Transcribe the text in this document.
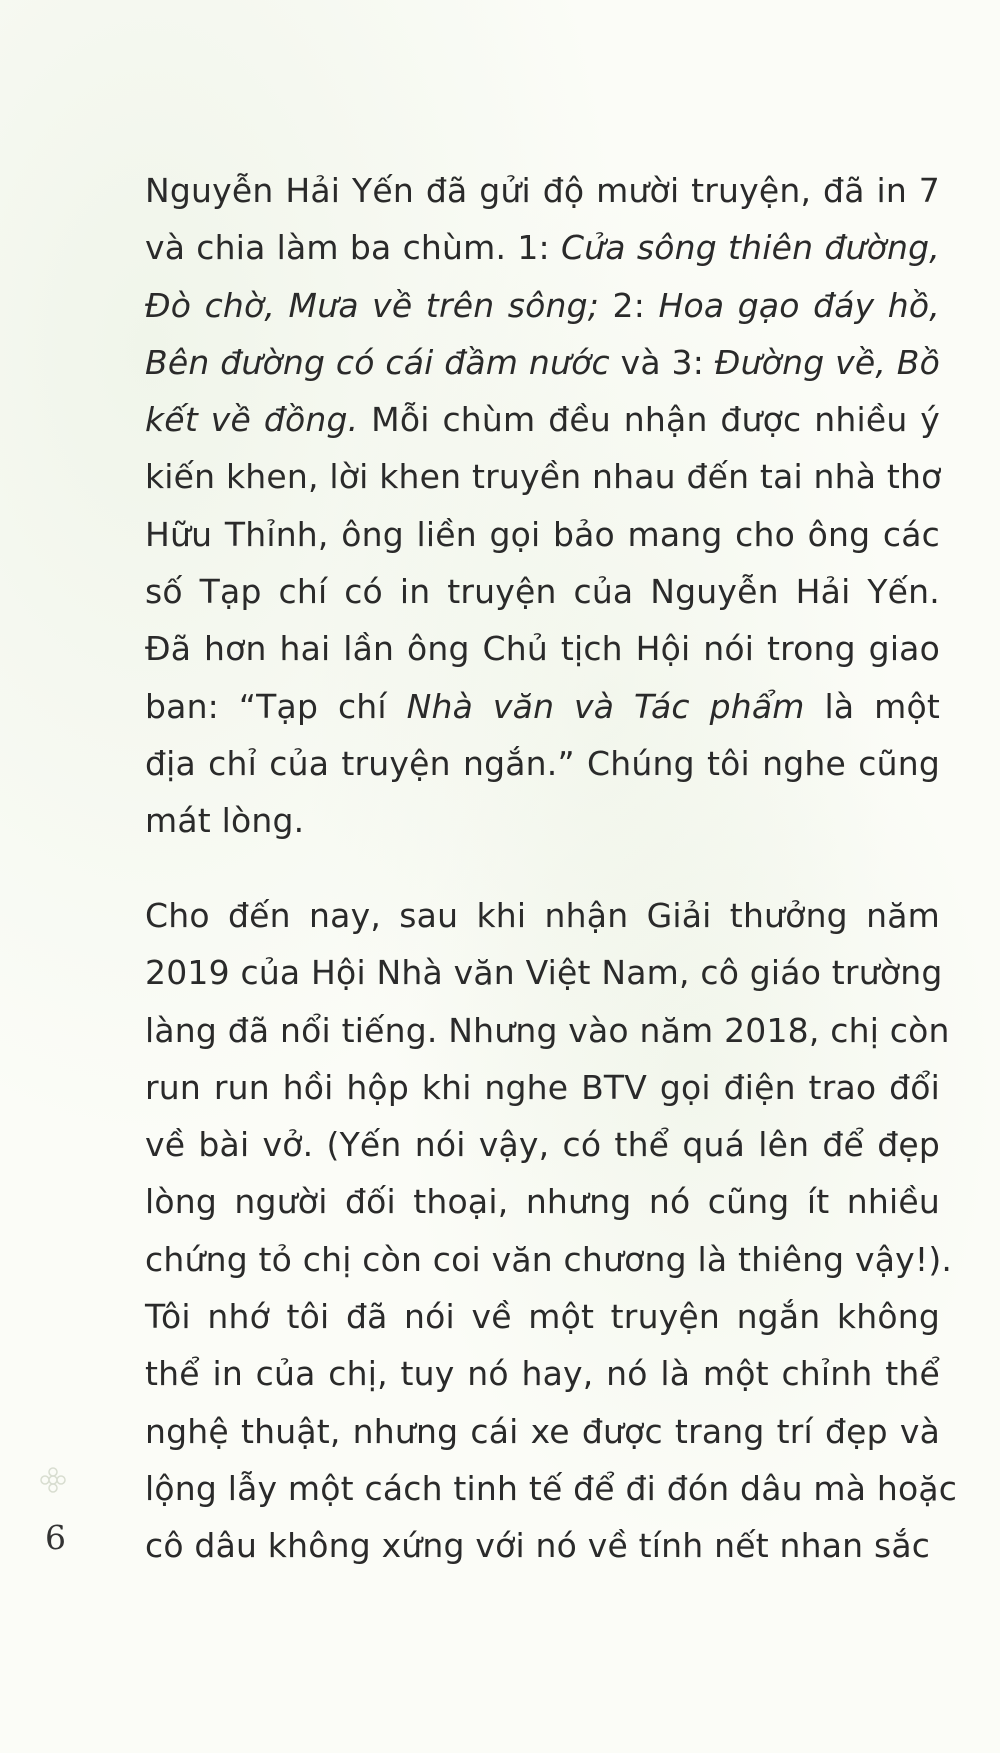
Nguyễn Hải Yến đã gửi độ mười truyện, đã in 7
và chia làm ba chùm. 1: Cửa sông thiên đường,
Đò chờ, Mưa về trên sông; 2: Hoa gạo đáy hồ,
Bên đường có cái đầm nước và 3: Đường về, Bồ
kết về đồng. Mỗi chùm đều nhận được nhiều ý
kiến khen, lời khen truyền nhau đến tai nhà thơ
Hữu Thỉnh, ông liền gọi bảo mang cho ông các
số Tạp chí có in truyện của Nguyễn Hải Yến.
Đã hơn hai lần ông Chủ tịch Hội nói trong giao
ban: “Tạp chí Nhà văn và Tác phẩm là một
địa chỉ của truyện ngắn.” Chúng tôi nghe cũng
mát lòng.
Cho đến nay, sau khi nhận Giải thưởng năm
2019 của Hội Nhà văn Việt Nam, cô giáo trường
làng đã nổi tiếng. Nhưng vào năm 2018, chị còn
run run hồi hộp khi nghe BTV gọi điện trao đổi
về bài vở. (Yến nói vậy, có thể quá lên để đẹp
lòng người đối thoại, nhưng nó cũng ít nhiều
chứng tỏ chị còn coi văn chương là thiêng vậy!).
Tôi nhớ tôi đã nói về một truyện ngắn không
thể in của chị, tuy nó hay, nó là một chỉnh thể
nghệ thuật, nhưng cái xe được trang trí đẹp và
lộng lẫy một cách tinh tế để đi đón dâu mà hoặc
cô dâu không xứng với nó về tính nết nhan sắc
6
